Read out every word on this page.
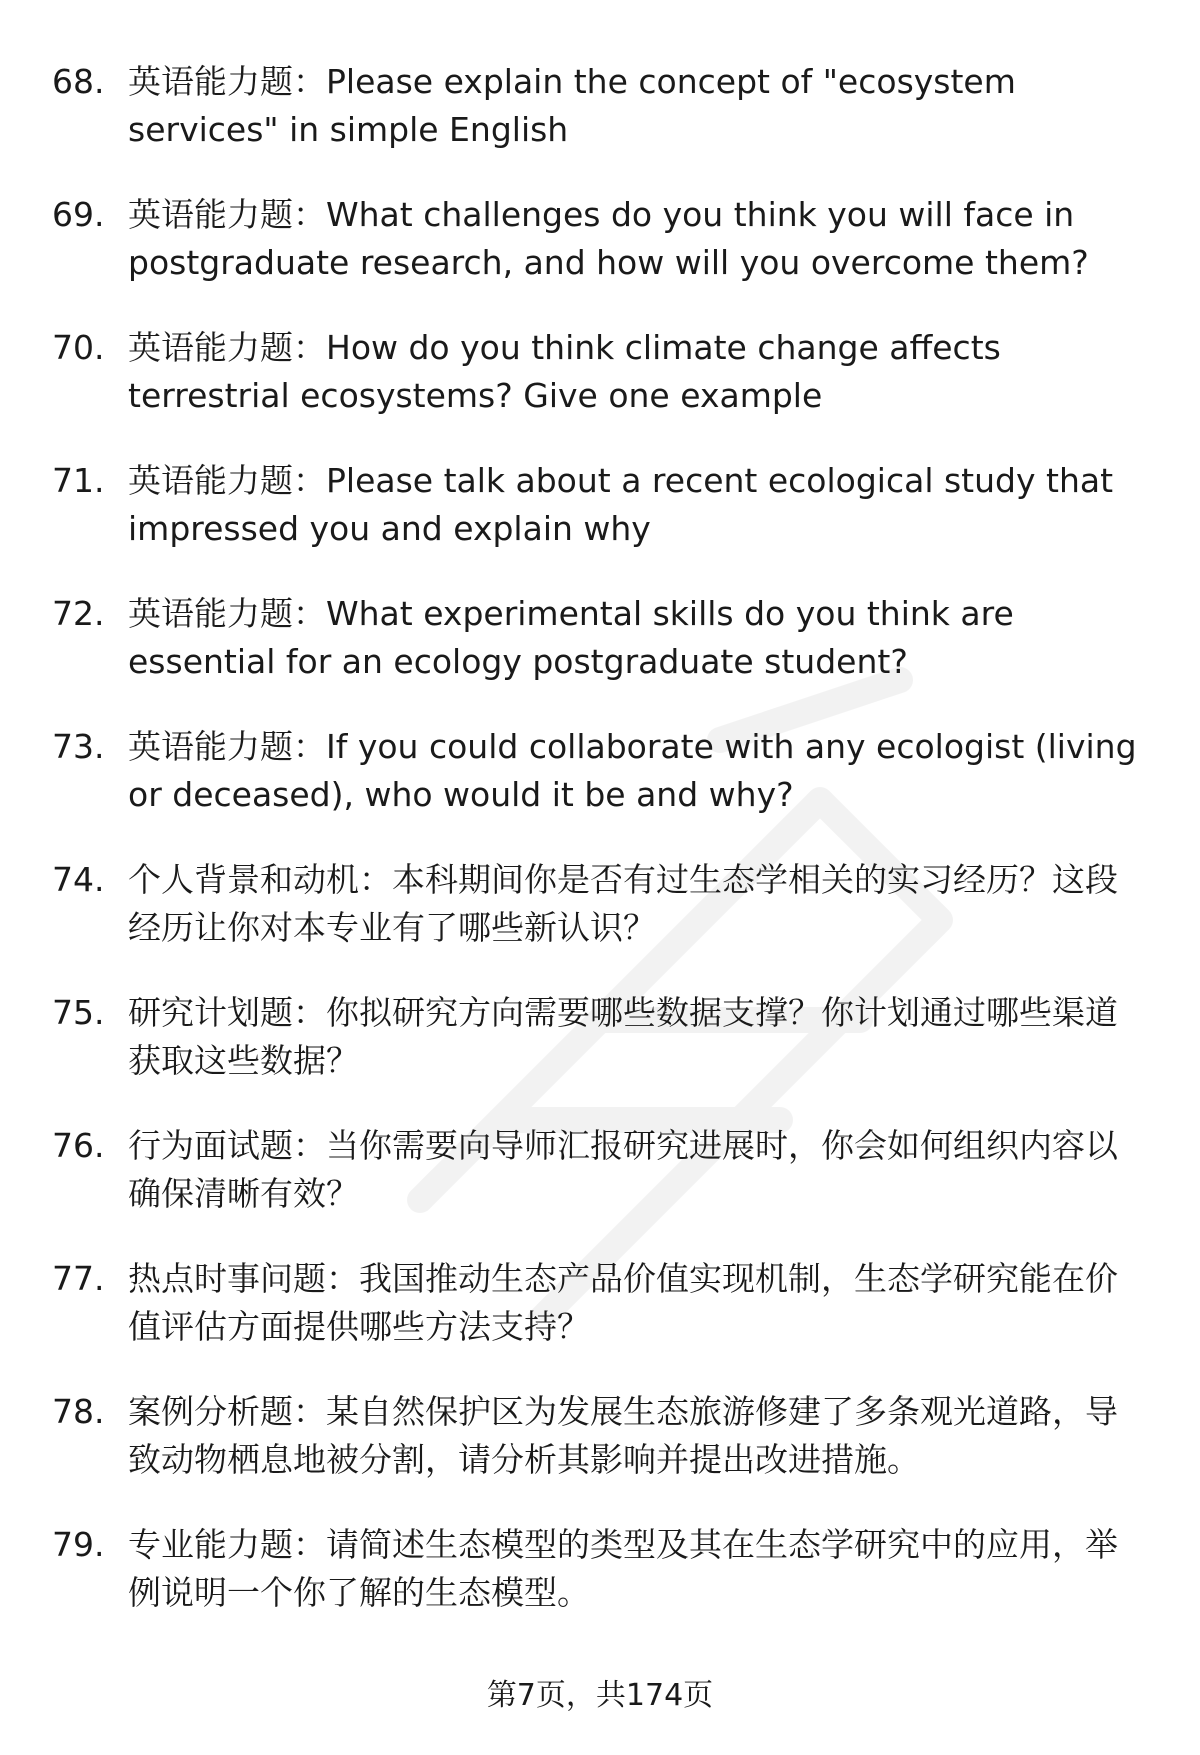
68. 英语能力题：Please explain the concept of "ecosystem services" in simple English
69. 英语能力题：What challenges do you think you will face in postgraduate research, and how will you overcome them?
70. 英语能力题：How do you think climate change affects terrestrial ecosystems? Give one example
71. 英语能力题：Please talk about a recent ecological study that impressed you and explain why
72. 英语能力题：What experimental skills do you think are essential for an ecology postgraduate student?
73. 英语能力题：If you could collaborate with any ecologist (living or deceased), who would it be and why?
74. 个人背景和动机：本科期间你是否有过生态学相关的实习经历？这段经历让你对本专业有了哪些新认识？
75. 研究计划题：你拟研究方向需要哪些数据支撑？你计划通过哪些渠道获取这些数据？
76. 行为面试题：当你需要向导师汇报研究进展时，你会如何组织内容以确保清晰有效？
77. 热点时事问题：我国推动生态产品价值实现机制，生态学研究能在价值评估方面提供哪些方法支持？
78. 案例分析题：某自然保护区为发展生态旅游修建了多条观光道路，导致动物栖息地被分割，请分析其影响并提出改进措施。
79. 专业能力题：请简述生态模型的类型及其在生态学研究中的应用，举例说明一个你了解的生态模型。
第7页，共174页
